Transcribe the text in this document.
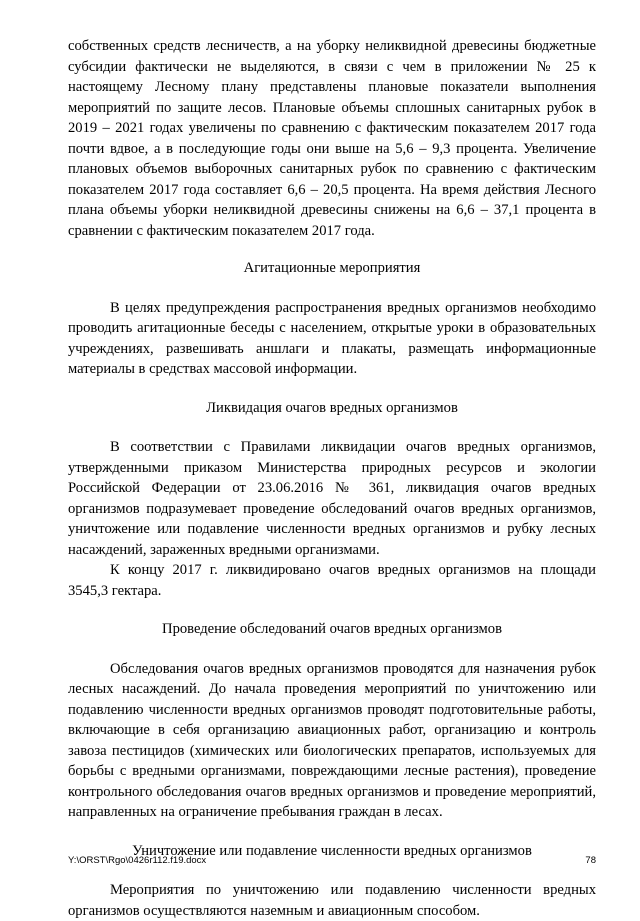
собственных средств лесничеств, а на уборку неликвидной древесины бюджетные субсидии фактически не выделяются, в связи с чем в приложении № 25 к настоящему Лесному плану представлены плановые показатели выполнения мероприятий по защите лесов. Плановые объемы сплошных санитарных рубок в 2019 – 2021 годах увеличены по сравнению с фактическим показателем 2017 года почти вдвое, а в последующие годы они выше на 5,6 – 9,3 процента. Увеличение плановых объемов выборочных санитарных рубок по сравнению с фактическим показателем 2017 года составляет 6,6 – 20,5 процента. На время действия Лесного плана объемы уборки неликвидной древесины снижены на 6,6 – 37,1 процента в сравнении с фактическим показателем 2017 года.

Агитационные мероприятия

В целях предупреждения распространения вредных организмов необходимо проводить агитационные беседы с населением, открытые уроки в образовательных учреждениях, развешивать аншлаги и плакаты, размещать информационные материалы в средствах массовой информации.

Ликвидация очагов вредных организмов

В соответствии с Правилами ликвидации очагов вредных организмов, утвержденными приказом Министерства природных ресурсов и экологии Российской Федерации от 23.06.2016 № 361, ликвидация очагов вредных организмов подразумевает проведение обследований очагов вредных организмов, уничтожение или подавление численности вредных организмов и рубку лесных насаждений, зараженных вредными организмами.

К концу 2017 г. ликвидировано очагов вредных организмов на площади 3545,3 гектара.

Проведение обследований очагов вредных организмов

Обследования очагов вредных организмов проводятся для назначения рубок лесных насаждений. До начала проведения мероприятий по уничтожению или подавлению численности вредных организмов проводят подготовительные работы, включающие в себя организацию авиационных работ, организацию и контроль завоза пестицидов (химических или биологических препаратов, используемых для борьбы с вредными организмами, повреждающими лесные растения), проведение контрольного обследования очагов вредных организмов и проведение мероприятий, направленных на ограничение пребывания граждан в лесах.

Уничтожение или подавление численности вредных организмов

Мероприятия по уничтожению или подавлению численности вредных организмов осуществляются наземным и авиационным способом.

Y:\ORST\Rgo\0426r112.f19.docx	78
